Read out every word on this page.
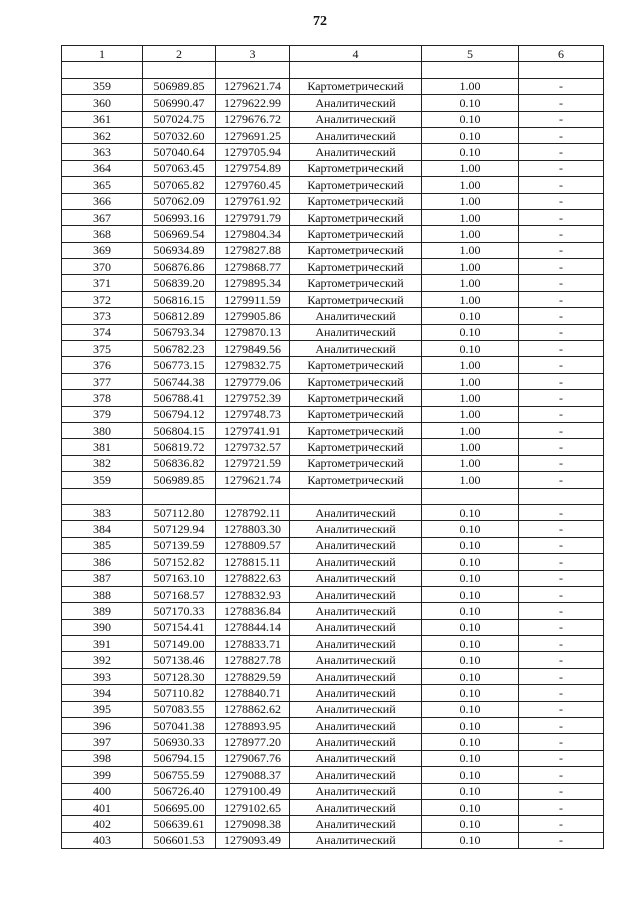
72
1	2	3	4	5	6

359	506989.85	1279621.74	Картометрический	1.00	-
360	506990.47	1279622.99	Аналитический	0.10	-
361	507024.75	1279676.72	Аналитический	0.10	-
362	507032.60	1279691.25	Аналитический	0.10	-
363	507040.64	1279705.94	Аналитический	0.10	-
364	507063.45	1279754.89	Картометрический	1.00	-
365	507065.82	1279760.45	Картометрический	1.00	-
366	507062.09	1279761.92	Картометрический	1.00	-
367	506993.16	1279791.79	Картометрический	1.00	-
368	506969.54	1279804.34	Картометрический	1.00	-
369	506934.89	1279827.88	Картометрический	1.00	-
370	506876.86	1279868.77	Картометрический	1.00	-
371	506839.20	1279895.34	Картометрический	1.00	-
372	506816.15	1279911.59	Картометрический	1.00	-
373	506812.89	1279905.86	Аналитический	0.10	-
374	506793.34	1279870.13	Аналитический	0.10	-
375	506782.23	1279849.56	Аналитический	0.10	-
376	506773.15	1279832.75	Картометрический	1.00	-
377	506744.38	1279779.06	Картометрический	1.00	-
378	506788.41	1279752.39	Картометрический	1.00	-
379	506794.12	1279748.73	Картометрический	1.00	-
380	506804.15	1279741.91	Картометрический	1.00	-
381	506819.72	1279732.57	Картометрический	1.00	-
382	506836.82	1279721.59	Картометрический	1.00	-
359	506989.85	1279621.74	Картометрический	1.00	-

383	507112.80	1278792.11	Аналитический	0.10	-
384	507129.94	1278803.30	Аналитический	0.10	-
385	507139.59	1278809.57	Аналитический	0.10	-
386	507152.82	1278815.11	Аналитический	0.10	-
387	507163.10	1278822.63	Аналитический	0.10	-
388	507168.57	1278832.93	Аналитический	0.10	-
389	507170.33	1278836.84	Аналитический	0.10	-
390	507154.41	1278844.14	Аналитический	0.10	-
391	507149.00	1278833.71	Аналитический	0.10	-
392	507138.46	1278827.78	Аналитический	0.10	-
393	507128.30	1278829.59	Аналитический	0.10	-
394	507110.82	1278840.71	Аналитический	0.10	-
395	507083.55	1278862.62	Аналитический	0.10	-
396	507041.38	1278893.95	Аналитический	0.10	-
397	506930.33	1278977.20	Аналитический	0.10	-
398	506794.15	1279067.76	Аналитический	0.10	-
399	506755.59	1279088.37	Аналитический	0.10	-
400	506726.40	1279100.49	Аналитический	0.10	-
401	506695.00	1279102.65	Аналитический	0.10	-
402	506639.61	1279098.38	Аналитический	0.10	-
403	506601.53	1279093.49	Аналитический	0.10	-
